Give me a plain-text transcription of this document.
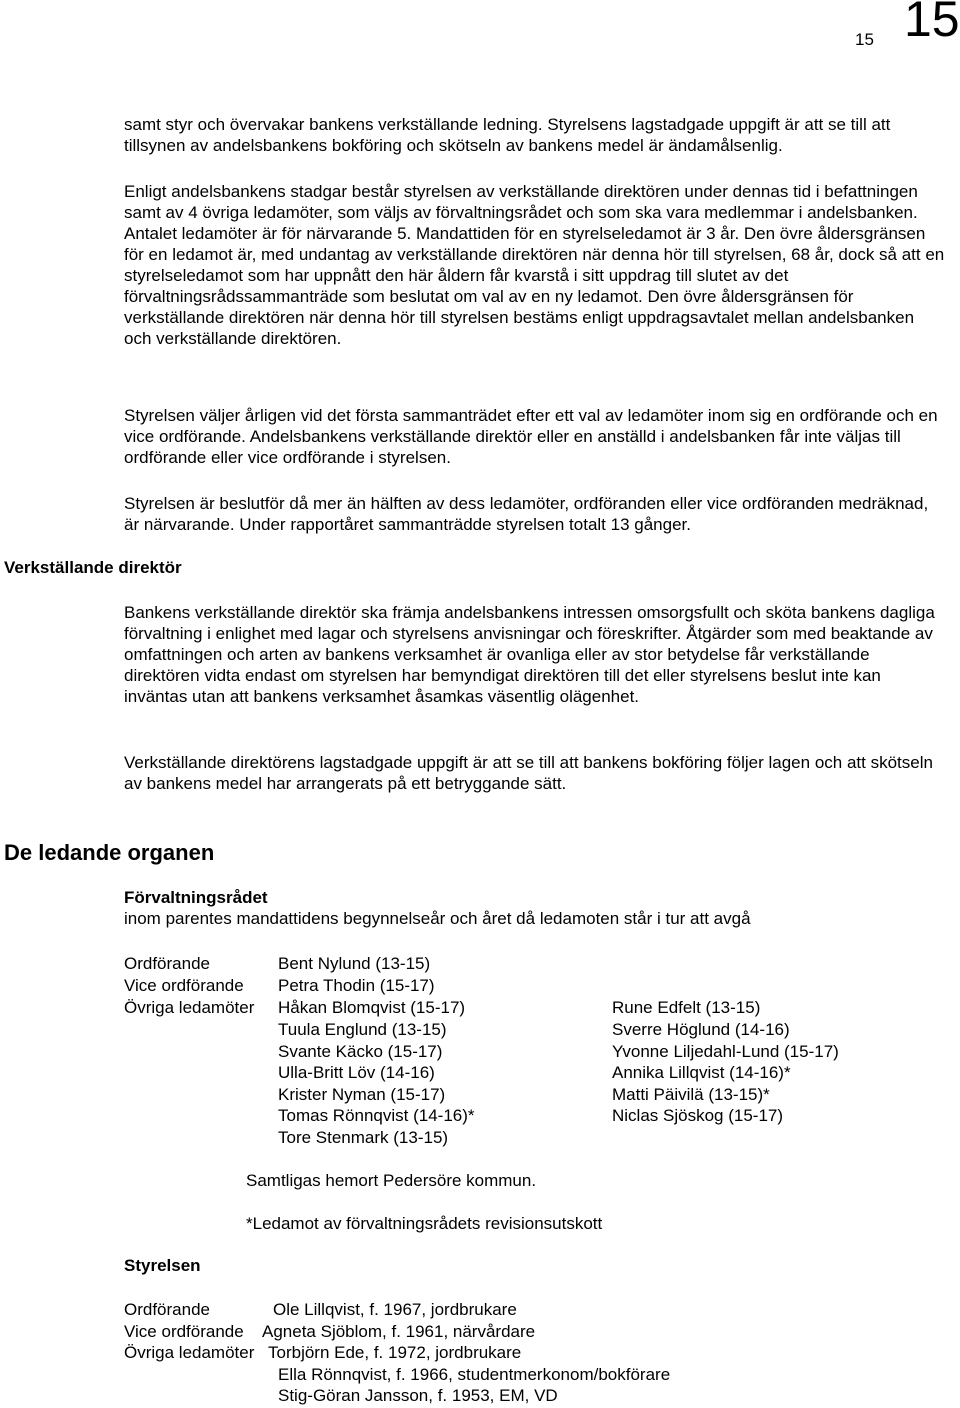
15 15

samt styr och övervakar bankens verkställande ledning. Styrelsens lagstadgade uppgift är att se till att tillsynen av andelsbankens bokföring och skötseln av bankens medel är ändamålsenlig.

Enligt andelsbankens stadgar består styrelsen av verkställande direktören under dennas tid i befattningen samt av 4 övriga ledamöter, som väljs av förvaltningsrådet och som ska vara medlemmar i andelsbanken. Antalet ledamöter är för närvarande 5. Mandattiden för en styrelseledamot är 3 år. Den övre åldersgränsen för en ledamot är, med undantag av verkställande direktören när denna hör till styrelsen, 68 år, dock så att en styrelseledamot som har uppnått den här åldern får kvarstå i sitt uppdrag till slutet av det förvaltningsrådssammanträde som beslutat om val av en ny ledamot. Den övre åldersgränsen för verkställande direktören när denna hör till styrelsen bestäms enligt uppdragsavtalet mellan andelsbanken och verkställande direktören.

Styrelsen väljer årligen vid det första sammanträdet efter ett val av ledamöter inom sig en ordförande och en vice ordförande. Andelsbankens verkställande direktör eller en anställd i andelsbanken får inte väljas till ordförande eller vice ordförande i styrelsen.

Styrelsen är beslutför då mer än hälften av dess ledamöter, ordföranden eller vice ordföranden medräknad, är närvarande. Under rapportåret sammanträdde styrelsen totalt 13 gånger.

Verkställande direktör

Bankens verkställande direktör ska främja andelsbankens intressen omsorgsfullt och sköta bankens dagliga förvaltning i enlighet med lagar och styrelsens anvisningar och föreskrifter. Åtgärder som med beaktande av omfattningen och arten av bankens verksamhet är ovanliga eller av stor betydelse får verkställande direktören vidta endast om styrelsen har bemyndigat direktören till det eller styrelsens beslut inte kan inväntas utan att bankens verksamhet åsamkas väsentlig olägenhet.

Verkställande direktörens lagstadgade uppgift är att se till att bankens bokföring följer lagen och att skötseln av bankens medel har arrangerats på ett betryggande sätt.

De ledande organen
Förvaltningsrådet
inom parentes mandattidens begynnelseår och året då ledamoten står i tur att avgå
Ordförande	Bent Nylund (13-15)
Vice ordförande Petra Thodin (15-17)
Övriga ledamöter Håkan Blomqvist (15-17)
Tuula Englund (13-15)
Svante Käcko (15-17)
Ulla-Britt Löv (14-16)
Krister Nyman (15-17)
Tomas Rönnqvist (14-16)*
Tore Stenmark (13-15)
Rune Edfelt (13-15)
Sverre Höglund (14-16)
Yvonne Liljedahl-Lund (15-17)
Annika Lillqvist (14-16)*
Matti Päivilä (13-15)*
Niclas Sjöskog (15-17)
Samtligas hemort Pedersöre kommun.
*Ledamot av förvaltningsrådets revisionsutskott
Styrelsen
Ordförande	Ole Lillqvist, f. 1967, jordbrukare
Vice ordförande Agneta Sjöblom, f. 1961, närvårdare
Övriga ledamöter Torbjörn Ede, f. 1972, jordbrukare
Ella Rönnqvist, f. 1966, studentmerkonom/bokförare
Stig-Göran Jansson, f. 1953, EM, VD
